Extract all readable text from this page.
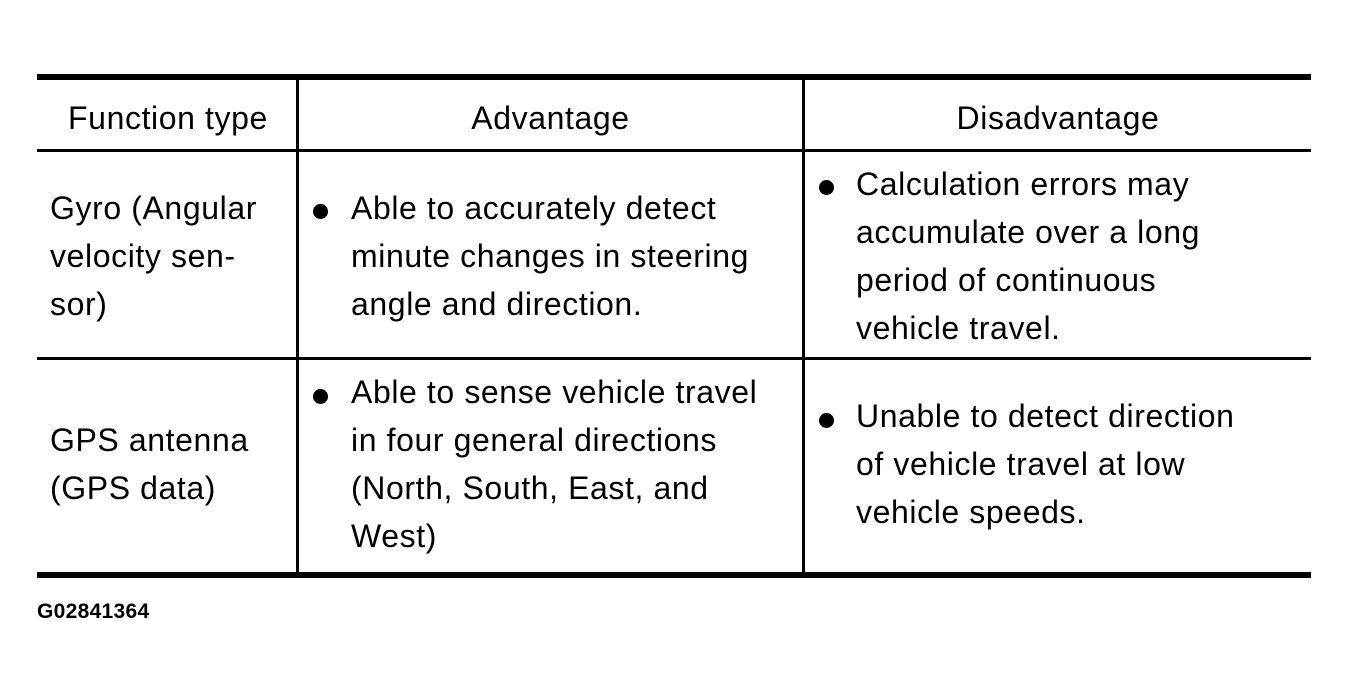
Function type	Advantage	Disadvantage
Gyro (Angular
velocity sen-
sor)
Able to accurately detect
minute changes in steering
angle and direction.
Calculation errors may
accumulate over a long
period of continuous
vehicle travel.
GPS antenna
(GPS data)
Able to sense vehicle travel
in four general directions
(North, South, East, and
West)
Unable to detect direction
of vehicle travel at low
vehicle speeds.
G02841364
